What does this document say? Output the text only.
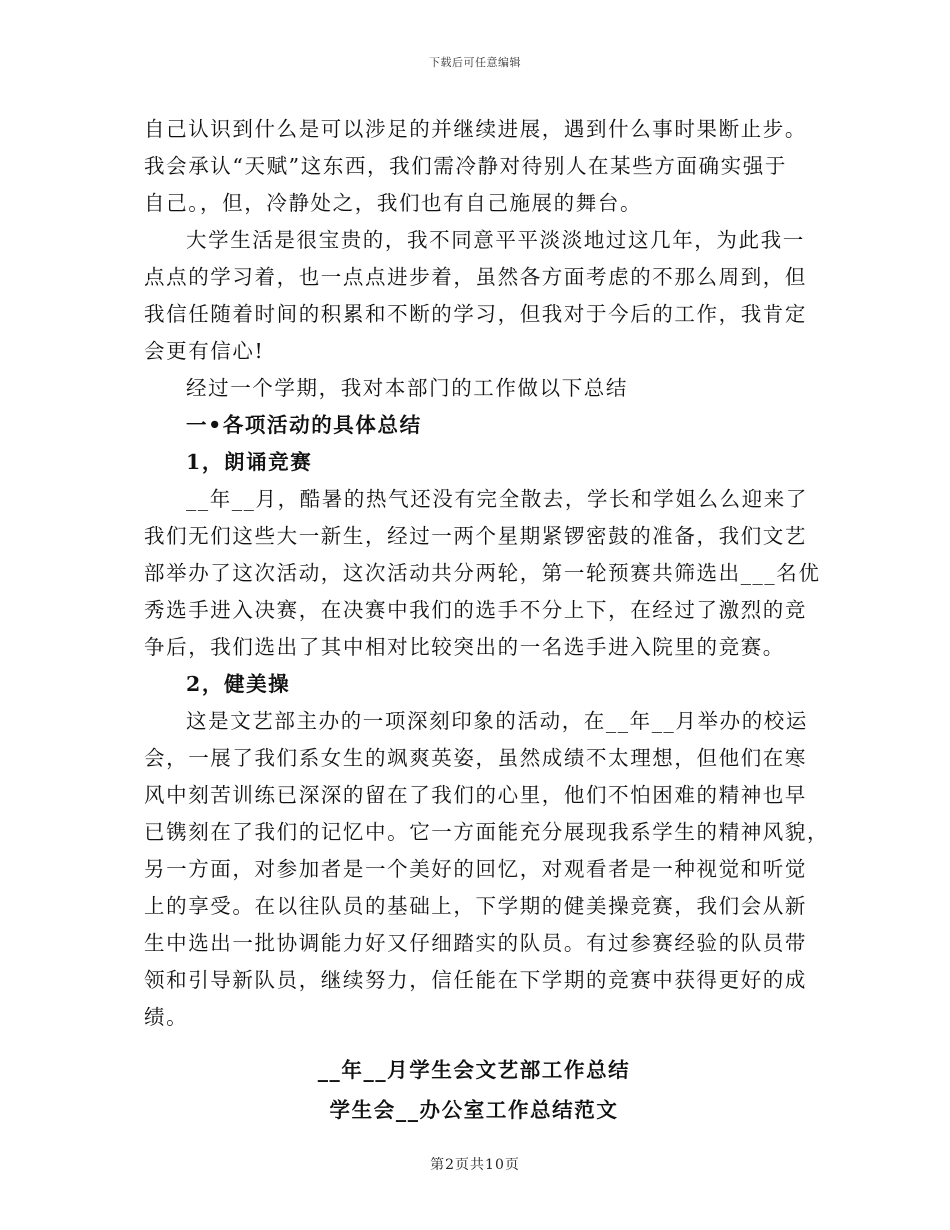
下载后可任意编辑
自己认识到什么是可以涉足的并继续进展，遇到什么事时果断止步。
我会承认“天赋”这东西，我们需冷静对待别人在某些方面确实强于
自己。，但，冷静处之，我们也有自己施展的舞台。
大学生活是很宝贵的，我不同意平平淡淡地过这几年，为此我一
点点的学习着，也一点点进步着，虽然各方面考虑的不那么周到，但
我信任随着时间的积累和不断的学习，但我对于今后的工作，我肯定
会更有信心!
经过一个学期，我对本部门的工作做以下总结
一•各项活动的具体总结
1，朗诵竞赛
__年__月，酷暑的热气还没有完全散去，学长和学姐么么迎来了
我们无们这些大一新生，经过一两个星期紧锣密鼓的准备，我们文艺
部举办了这次活动，这次活动共分两轮，第一轮预赛共筛选出___名优
秀选手进入决赛，在决赛中我们的选手不分上下，在经过了激烈的竞
争后，我们选出了其中相对比较突出的一名选手进入院里的竞赛。
2，健美操
这是文艺部主办的一项深刻印象的活动，在__年__月举办的校运
会，一展了我们系女生的飒爽英姿，虽然成绩不太理想，但他们在寒
风中刻苦训练已深深的留在了我们的心里，他们不怕困难的精神也早
已镌刻在了我们的记忆中。它一方面能充分展现我系学生的精神风貌，
另一方面，对参加者是一个美好的回忆，对观看者是一种视觉和听觉
上的享受。在以往队员的基础上，下学期的健美操竞赛，我们会从新
生中选出一批协调能力好又仔细踏实的队员。有过参赛经验的队员带
领和引导新队员，继续努力，信任能在下学期的竞赛中获得更好的成
绩。
__年__月学生会文艺部工作总结
学生会__办公室工作总结范文
第2页共10页
